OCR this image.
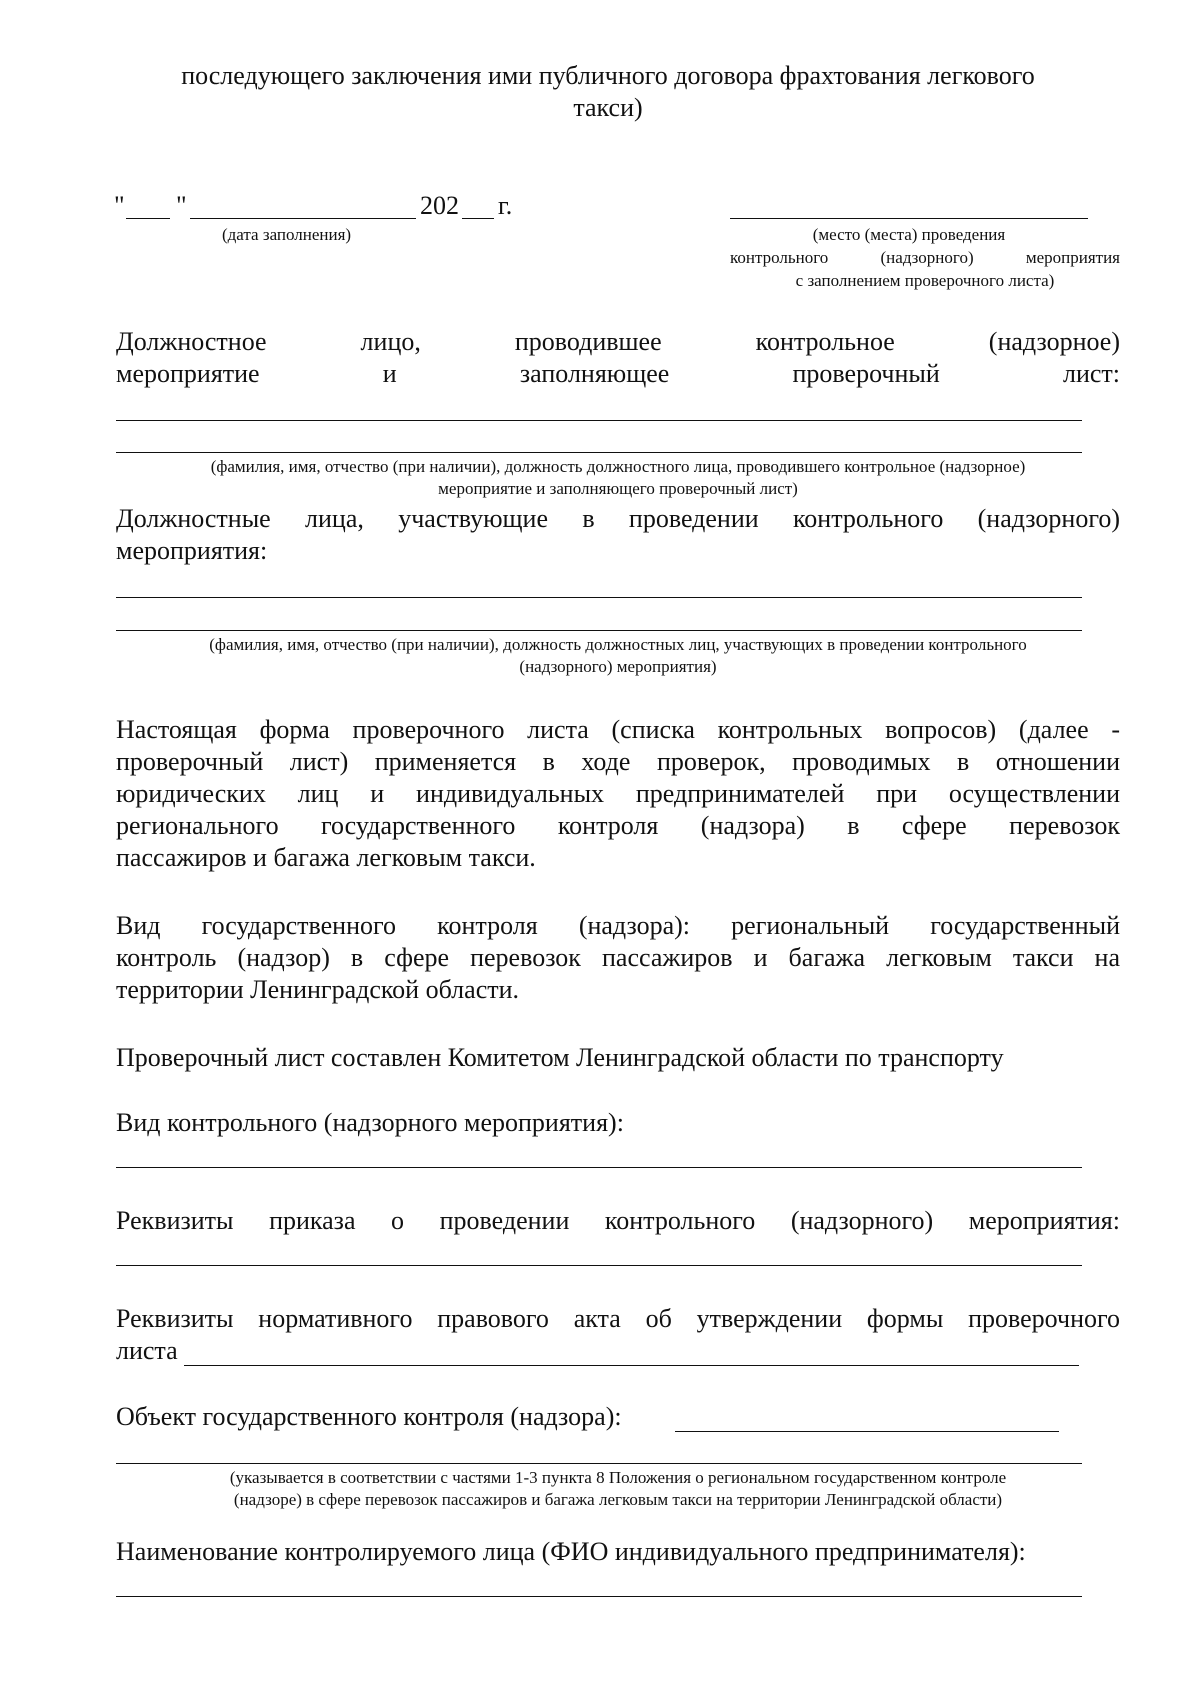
последующего заключения ими публичного договора фрахтования легкового
такси)
" "	202 г.
(дата заполнения)	(место (места) проведения
контрольного (надзорного) мероприятия
с заполнением проверочного листа)
Должностное лицо, проводившее контрольное (надзорное)
мероприятие и заполняющее проверочный лист:
(фамилия, имя, отчество (при наличии), должность должностного лица, проводившего контрольное (надзорное)
мероприятие и заполняющего проверочный лист)
Должностные лица, участвующие в проведении контрольного (надзорного)
мероприятия:
(фамилия, имя, отчество (при наличии), должность должностных лиц, участвующих в проведении контрольного
(надзорного) мероприятия)
Настоящая форма проверочного листа (списка контрольных вопросов) (далее -
проверочный лист) применяется в ходе проверок, проводимых в отношении
юридических лиц и индивидуальных предпринимателей при осуществлении
регионального государственного контроля (надзора) в сфере перевозок
пассажиров и багажа легковым такси.
Вид государственного контроля (надзора): региональный государственный
контроль (надзор) в сфере перевозок пассажиров и багажа легковым такси на
территории Ленинградской области.
Проверочный лист составлен Комитетом Ленинградской области по транспорту
Вид контрольного (надзорного мероприятия):
Реквизиты приказа о проведении контрольного (надзорного) мероприятия:
Реквизиты нормативного правового акта об утверждении формы проверочного
листа
Объект государственного контроля (надзора):
(указывается в соответствии с частями 1-3 пункта 8 Положения о региональном государственном контроле
(надзоре) в сфере перевозок пассажиров и багажа легковым такси на территории Ленинградской области)
Наименование контролируемого лица (ФИО индивидуального предпринимателя):
